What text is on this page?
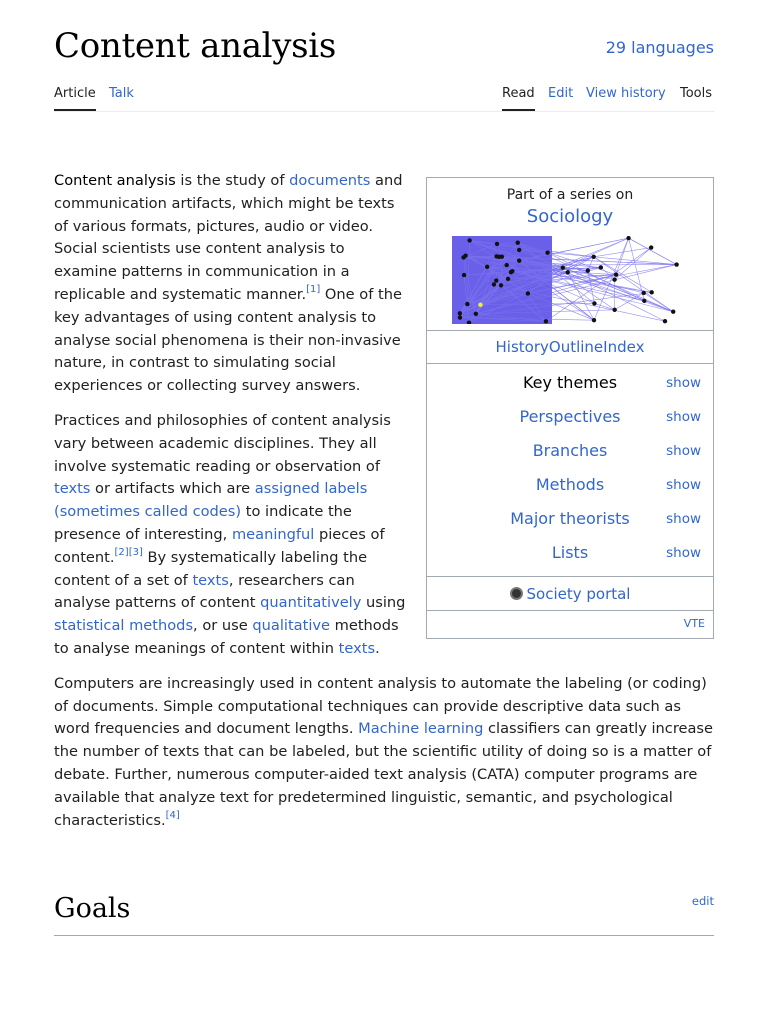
Content analysis	29 languages
Article Talk	Read Edit View history Tools
Part of a series on
Sociology
HistoryOutlineIndex
Key themes	show
Perspectives	show
Branches	show
Methods	show
Major theorists	show
Lists	show
Society portal
VTE

Content analysis is the study of documents and communication artifacts, which might be texts of various formats, pictures, audio or video. Social scientists use content analysis to examine patterns in communication in a replicable and systematic manner.[1] One of the key advantages of using content analysis to analyse social phenomena is their non-invasive nature, in contrast to simulating social experiences or collecting survey answers.

Practices and philosophies of content analysis vary between academic disciplines. They all involve systematic reading or observation of texts or artifacts which are assigned labels (sometimes called codes) to indicate the presence of interesting, meaningful pieces of content.[2][3] By systematically labeling the content of a set of texts, researchers can analyse patterns of content quantitatively using statistical methods, or use qualitative methods to analyse meanings of content within texts.

Computers are increasingly used in content analysis to automate the labeling (or coding) of documents. Simple computational techniques can provide descriptive data such as word frequencies and document lengths. Machine learning classifiers can greatly increase the number of texts that can be labeled, but the scientific utility of doing so is a matter of debate. Further, numerous computer-aided text analysis (CATA) computer programs are available that analyze text for predetermined linguistic, semantic, and psychological characteristics.[4]

Goals	edit
